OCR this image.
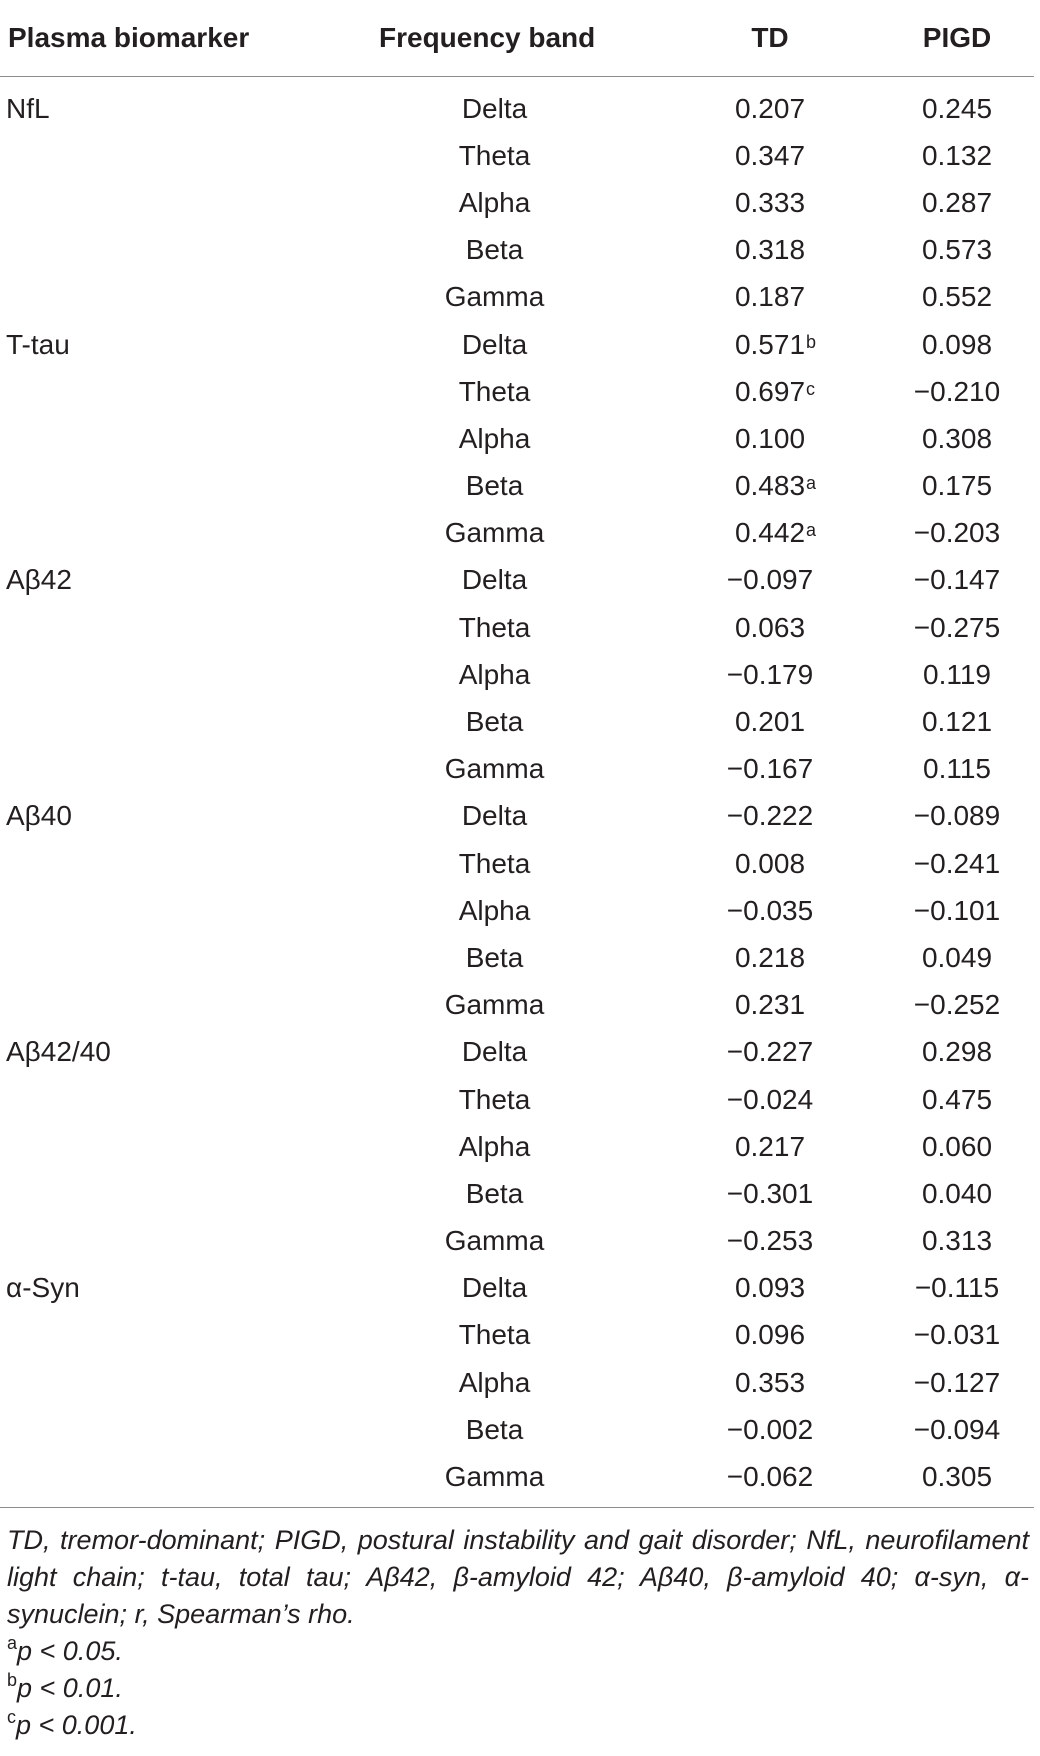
Plasma biomarker	Frequency band	TD	PIGD
NfL	Delta	0.207	0.245
	Theta	0.347	0.132
	Alpha	0.333	0.287
	Beta	0.318	0.573
	Gamma	0.187	0.552
T-tau	Delta	0.571 b	0.098
	Theta	0.697 c	−0.210
	Alpha	0.100	0.308
	Beta	0.483 a	0.175
	Gamma	0.442 a	−0.203
Aβ42	Delta	−0.097	−0.147
	Theta	0.063	−0.275
	Alpha	−0.179	0.119
	Beta	0.201	0.121
	Gamma	−0.167	0.115
Aβ40	Delta	−0.222	−0.089
	Theta	0.008	−0.241
	Alpha	−0.035	−0.101
	Beta	0.218	0.049
	Gamma	0.231	−0.252
Aβ42/40	Delta	−0.227	0.298
	Theta	−0.024	0.475
	Alpha	0.217	0.060
	Beta	−0.301	0.040
	Gamma	−0.253	0.313
α-Syn	Delta	0.093	−0.115
	Theta	0.096	−0.031
	Alpha	0.353	−0.127
	Beta	−0.002	−0.094
	Gamma	−0.062	0.305

TD, tremor-dominant; PIGD, postural instability and gait disorder; NfL, neurofilament light chain; t-tau, total tau; Aβ42, β-amyloid 42; Aβ40, β-amyloid 40; α-syn, α-synuclein; r, Spearman’s rho.

$^a$p < 0.05.

$^b$p < 0.01.

$^c$p < 0.001.
